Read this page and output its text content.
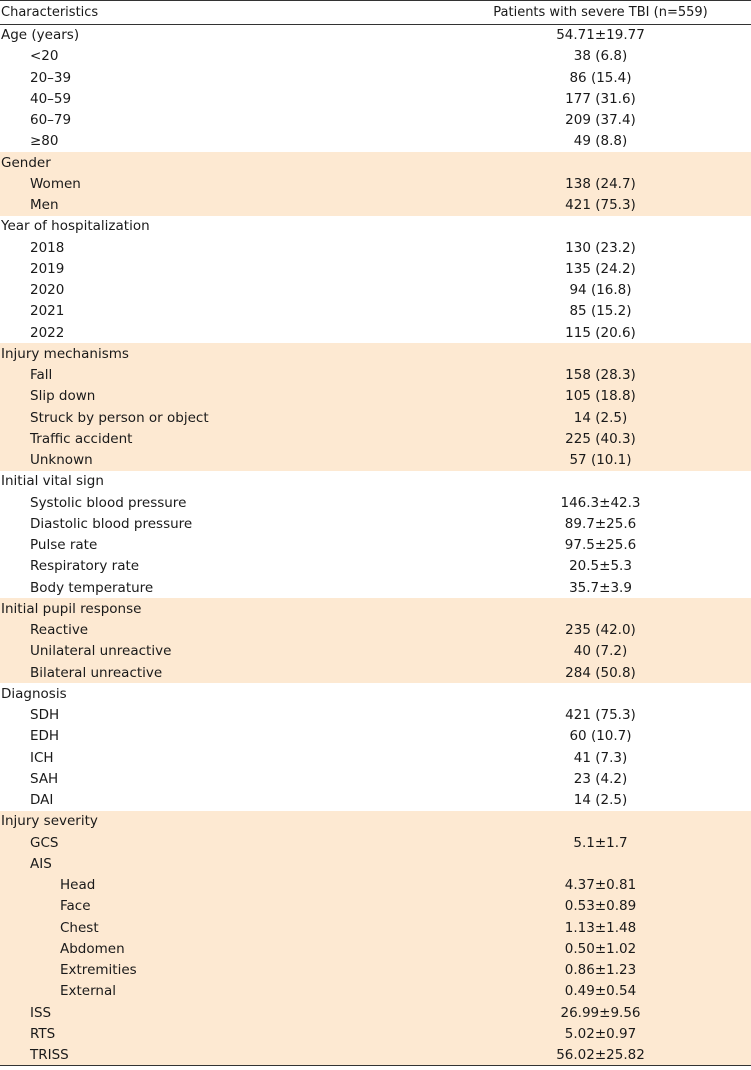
Characteristics	Patients with severe TBI (n=559)
Age (years)	54.71±19.77
<20	38 (6.8)
20–39	86 (15.4)
40–59	177 (31.6)
60–79	209 (37.4)
≥80	49 (8.8)
Gender	
Women	138 (24.7)
Men	421 (75.3)
Year of hospitalization	
2018	130 (23.2)
2019	135 (24.2)
2020	94 (16.8)
2021	85 (15.2)
2022	115 (20.6)
Injury mechanisms	
Fall	158 (28.3)
Slip down	105 (18.8)
Struck by person or object	14 (2.5)
Traffic accident	225 (40.3)
Unknown	57 (10.1)
Initial vital sign	
Systolic blood pressure	146.3±42.3
Diastolic blood pressure	89.7±25.6
Pulse rate	97.5±25.6
Respiratory rate	20.5±5.3
Body temperature	35.7±3.9
Initial pupil response	
Reactive	235 (42.0)
Unilateral unreactive	40 (7.2)
Bilateral unreactive	284 (50.8)
Diagnosis	
SDH	421 (75.3)
EDH	60 (10.7)
ICH	41 (7.3)
SAH	23 (4.2)
DAI	14 (2.5)
Injury severity	
GCS	5.1±1.7
AIS	
Head	4.37±0.81
Face	0.53±0.89
Chest	1.13±1.48
Abdomen	0.50±1.02
Extremities	0.86±1.23
External	0.49±0.54
ISS	26.99±9.56
RTS	5.02±0.97
TRISS	56.02±25.82
